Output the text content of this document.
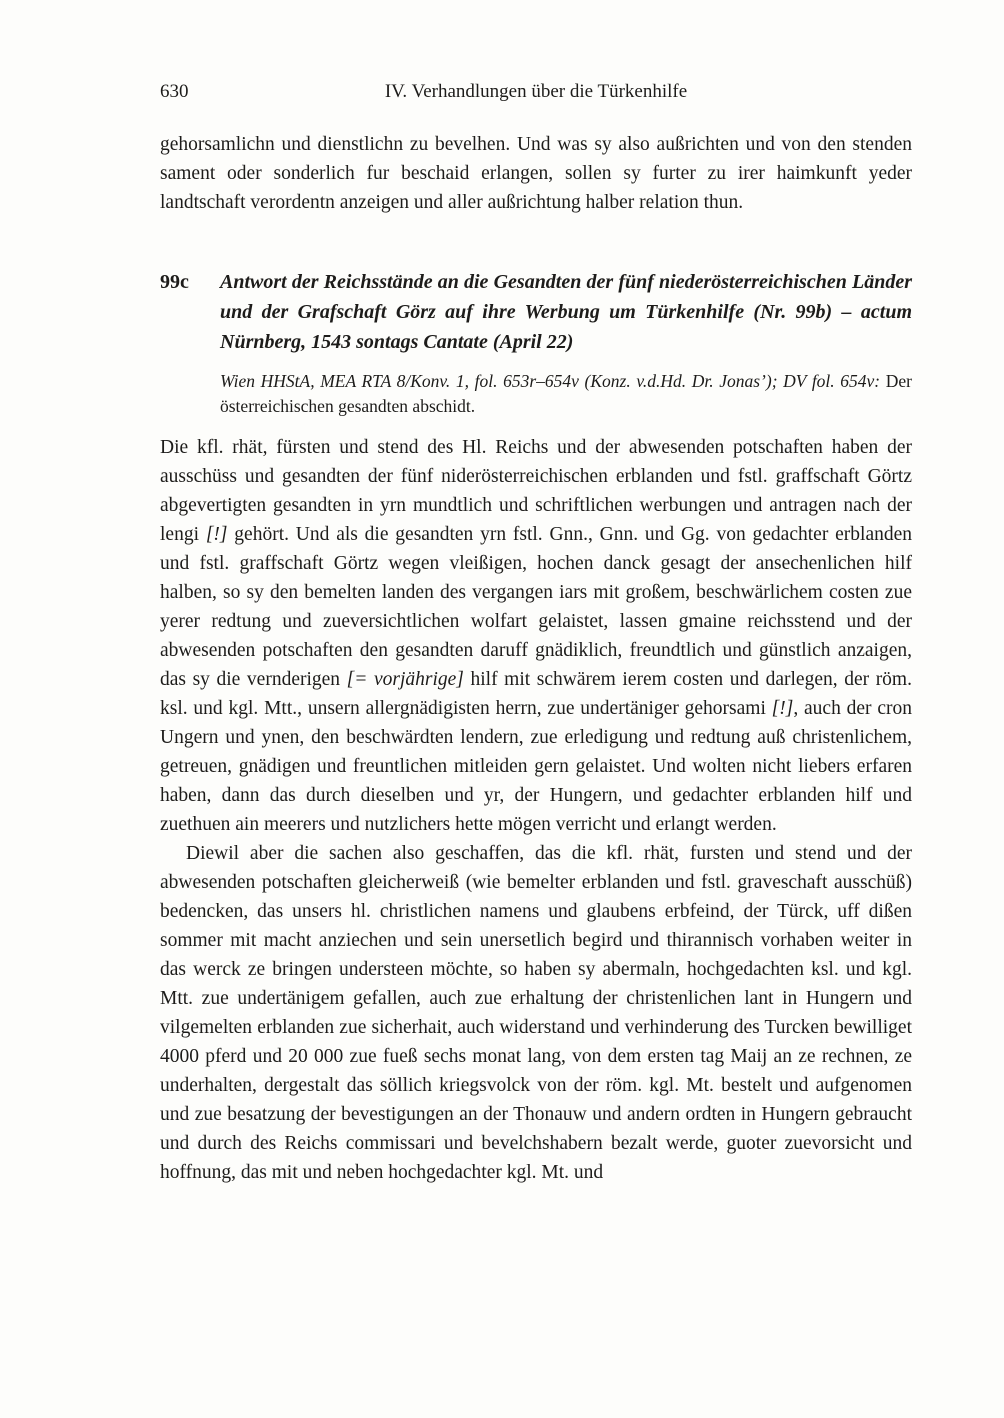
630	IV. Verhandlungen über die Türkenhilfe

gehorsamlichn und dienstlichn zu bevelhen. Und was sy also außrichten und von den stenden sament oder sonderlich fur beschaid erlangen, sollen sy furter zu irer haimkunft yeder landtschaft verordentn anzeigen und aller außrichtung halber relation thun.

99c	Antwort der Reichsstände an die Gesandten der fünf niederösterreichischen Länder und der Grafschaft Görz auf ihre Werbung um Türkenhilfe (Nr. 99b) – actum Nürnberg, 1543 sontags Cantate (April 22)

Wien HHStA, MEA RTA 8/Konv. 1, fol. 653r–654v (Konz. v.d.Hd. Dr. Jonas’); DV fol. 654v: Der österreichischen gesandten abschidt.

Die kfl. rhät, fürsten und stend des Hl. Reichs und der abwesenden potschaften haben der ausschüss und gesandten der fünf niderösterreichischen erblanden und fstl. graffschaft Görtz abgevertigten gesandten in yrn mundtlich und schriftlichen werbungen und antragen nach der lengi [!] gehört. Und als die gesandten yrn fstl. Gnn., Gnn. und Gg. von gedachter erblanden und fstl. graffschaft Görtz wegen vleißigen, hochen danck gesagt der ansechenlichen hilf halben, so sy den bemelten landen des vergangen iars mit großem, beschwärlichem costen zue yerer redtung und zueversichtlichen wolfart gelaistet, lassen gmaine reichsstend und der abwesenden potschaften den gesandten daruff gnädiklich, freundtlich und günstlich anzaigen, das sy die vernderigen [= vorjährige] hilf mit schwärem ierem costen und darlegen, der röm. ksl. und kgl. Mtt., unsern allergnädigisten herrn, zue undertäniger gehorsami [!], auch der cron Ungern und ynen, den beschwärdten lendern, zue erledigung und redtung auß christenlichem, getreuen, gnädigen und freuntlichen mitleiden gern gelaistet. Und wolten nicht liebers erfaren haben, dann das durch dieselben und yr, der Hungern, und gedachter erblanden hilf und zuethuen ain meerers und nutzlichers hette mögen verricht und erlangt werden.

Diewil aber die sachen also geschaffen, das die kfl. rhät, fursten und stend und der abwesenden potschaften gleicherweiß (wie bemelter erblanden und fstl. graveschaft ausschüß) bedencken, das unsers hl. christlichen namens und glaubens erbfeind, der Türck, uff dißen sommer mit macht anziechen und sein unersetlich begird und thirannisch vorhaben weiter in das werck ze bringen understeen möchte, so haben sy abermaln, hochgedachten ksl. und kgl. Mtt. zue undertänigem gefallen, auch zue erhaltung der christenlichen lant in Hungern und vilgemelten erblanden zue sicherhait, auch widerstand und verhinderung des Turcken bewilliget 4000 pferd und 20 000 zue fueß sechs monat lang, von dem ersten tag Maij an ze rechnen, ze underhalten, dergestalt das söllich kriegsvolck von der röm. kgl. Mt. bestelt und aufgenomen und zue besatzung der bevestigungen an der Thonauw und andern ordten in Hungern gebraucht und durch des Reichs commissari und bevelchshabern bezalt werde, guoter zuevorsicht und hoffnung, das mit und neben hochgedachter kgl. Mt. und
